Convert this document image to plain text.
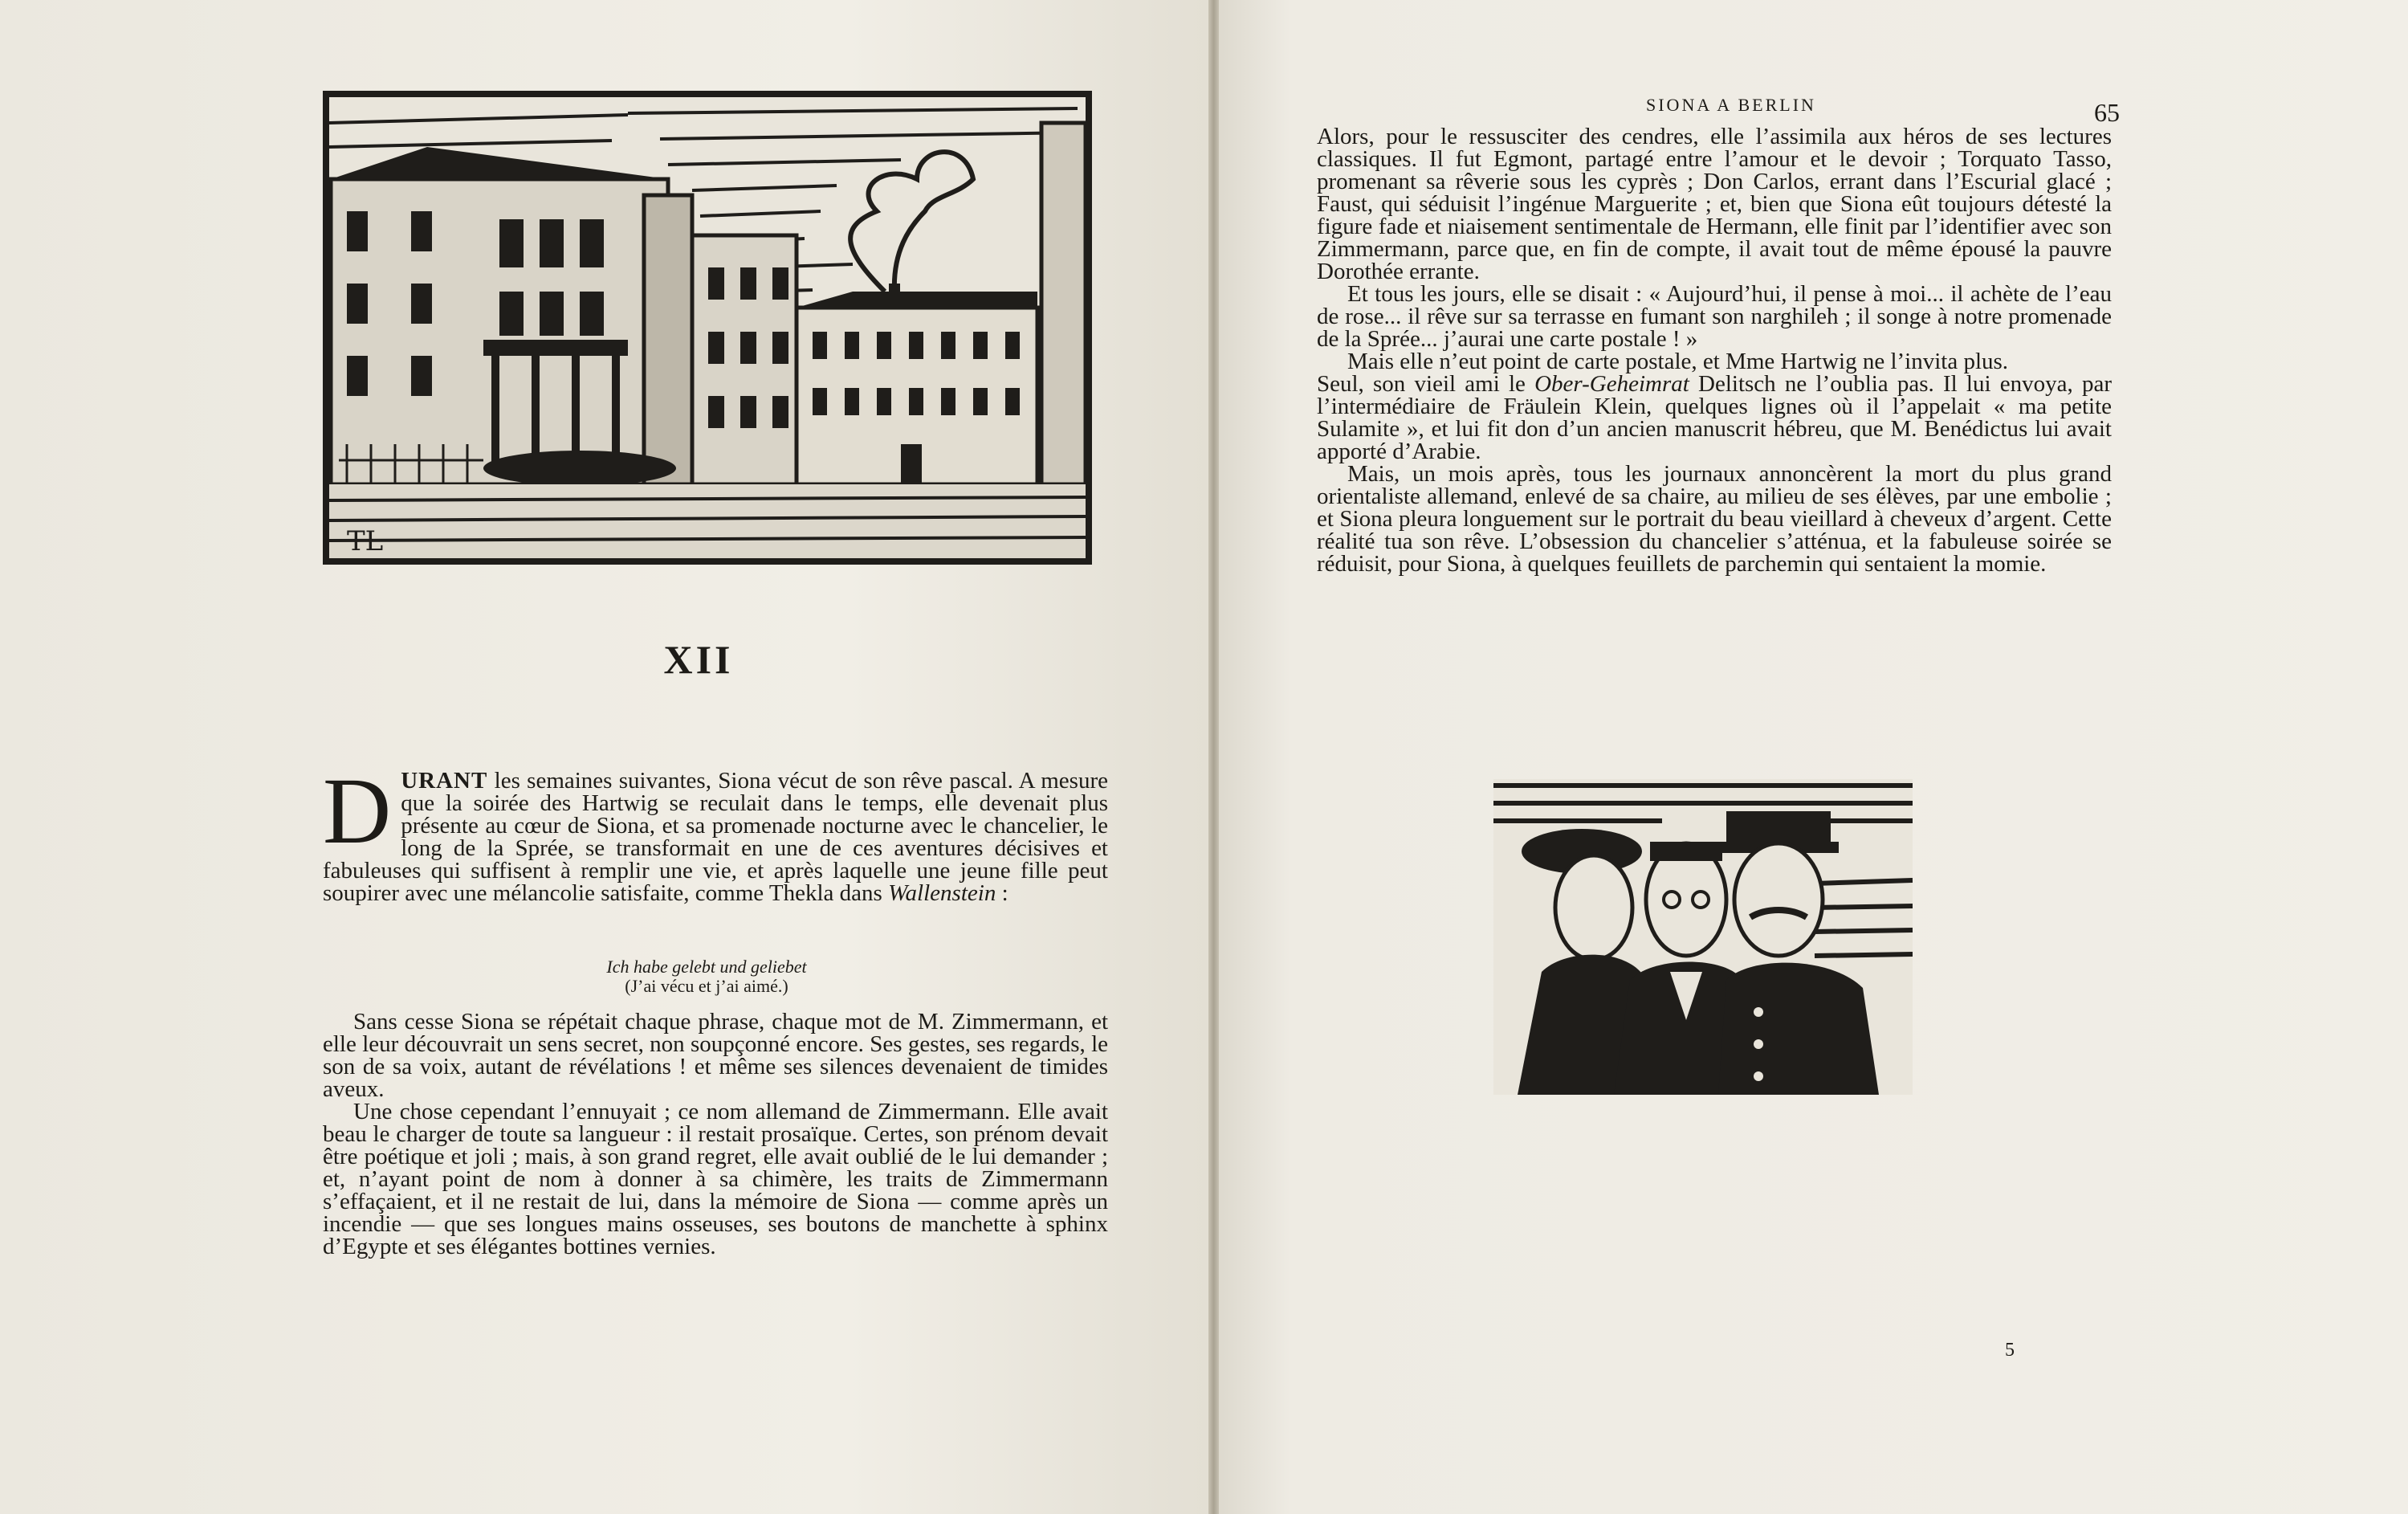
TL
XII

DURANT les semaines suivantes, Siona vécut de son rêve pascal. A mesure que la soirée des Hartwig se reculait dans le temps, elle devenait plus présente au cœur de Siona, et sa promenade nocturne avec le chancelier, le long de la Sprée, se transformait en une de ces aventures décisives et fabuleuses qui suffisent à remplir une vie, et après laquelle une jeune fille peut soupirer avec une mélancolie satisfaite, comme Thekla dans Wallenstein :

Ich habe gelebt und geliebet
(J’ai vécu et j’ai aimé.)

Sans cesse Siona se répétait chaque phrase, chaque mot de M. Zimmermann, et elle leur découvrait un sens secret, non soupçonné encore. Ses gestes, ses regards, le son de sa voix, autant de révélations ! et même ses silences devenaient de timides aveux.

Une chose cependant l’ennuyait ; ce nom allemand de Zimmermann. Elle avait beau le charger de toute sa langueur : il restait prosaïque. Certes, son prénom devait être poétique et joli ; mais, à son grand regret, elle avait oublié de le lui demander ; et, n’ayant point de nom à donner à sa chimère, les traits de Zimmermann s’effaçaient, et il ne restait de lui, dans la mémoire de Siona — comme après un incendie — que ses longues mains osseuses, ses boutons de manchette à sphinx d’Egypte et ses élégantes bottines vernies.

SIONA A BERLIN	65

Alors, pour le ressusciter des cendres, elle l’assimila aux héros de ses lectures classiques. Il fut Egmont, partagé entre l’amour et le devoir ; Torquato Tasso, promenant sa rêverie sous les cyprès ; Don Carlos, errant dans l’Escurial glacé ; Faust, qui séduisit l’ingénue Marguerite ; et, bien que Siona eût toujours détesté la figure fade et niaisement sentimentale de Hermann, elle finit par l’identifier avec son Zimmermann, parce que, en fin de compte, il avait tout de même épousé la pauvre Dorothée errante.

Et tous les jours, elle se disait : « Aujourd’hui, il pense à moi... il achète de l’eau de rose... il rêve sur sa terrasse en fumant son narghileh ; il songe à notre promenade de la Sprée... j’aurai une carte postale ! »

Mais elle n’eut point de carte postale, et Mme Hartwig ne l’invita plus.

Seul, son vieil ami le Ober-Geheimrat Delitsch ne l’oublia pas. Il lui envoya, par l’intermédiaire de Fräulein Klein, quelques lignes où il l’appelait « ma petite Sulamite », et lui fit don d’un ancien manuscrit hébreu, que M. Benédictus lui avait apporté d’Arabie.

Mais, un mois après, tous les journaux annoncèrent la mort du plus grand orientaliste allemand, enlevé de sa chaire, au milieu de ses élèves, par une embolie ; et Siona pleura longuement sur le portrait du beau vieillard à cheveux d’argent. Cette réalité tua son rêve. L’obsession du chancelier s’atténua, et la fabuleuse soirée se réduisit, pour Siona, à quelques feuillets de parchemin qui sentaient la momie.

5
